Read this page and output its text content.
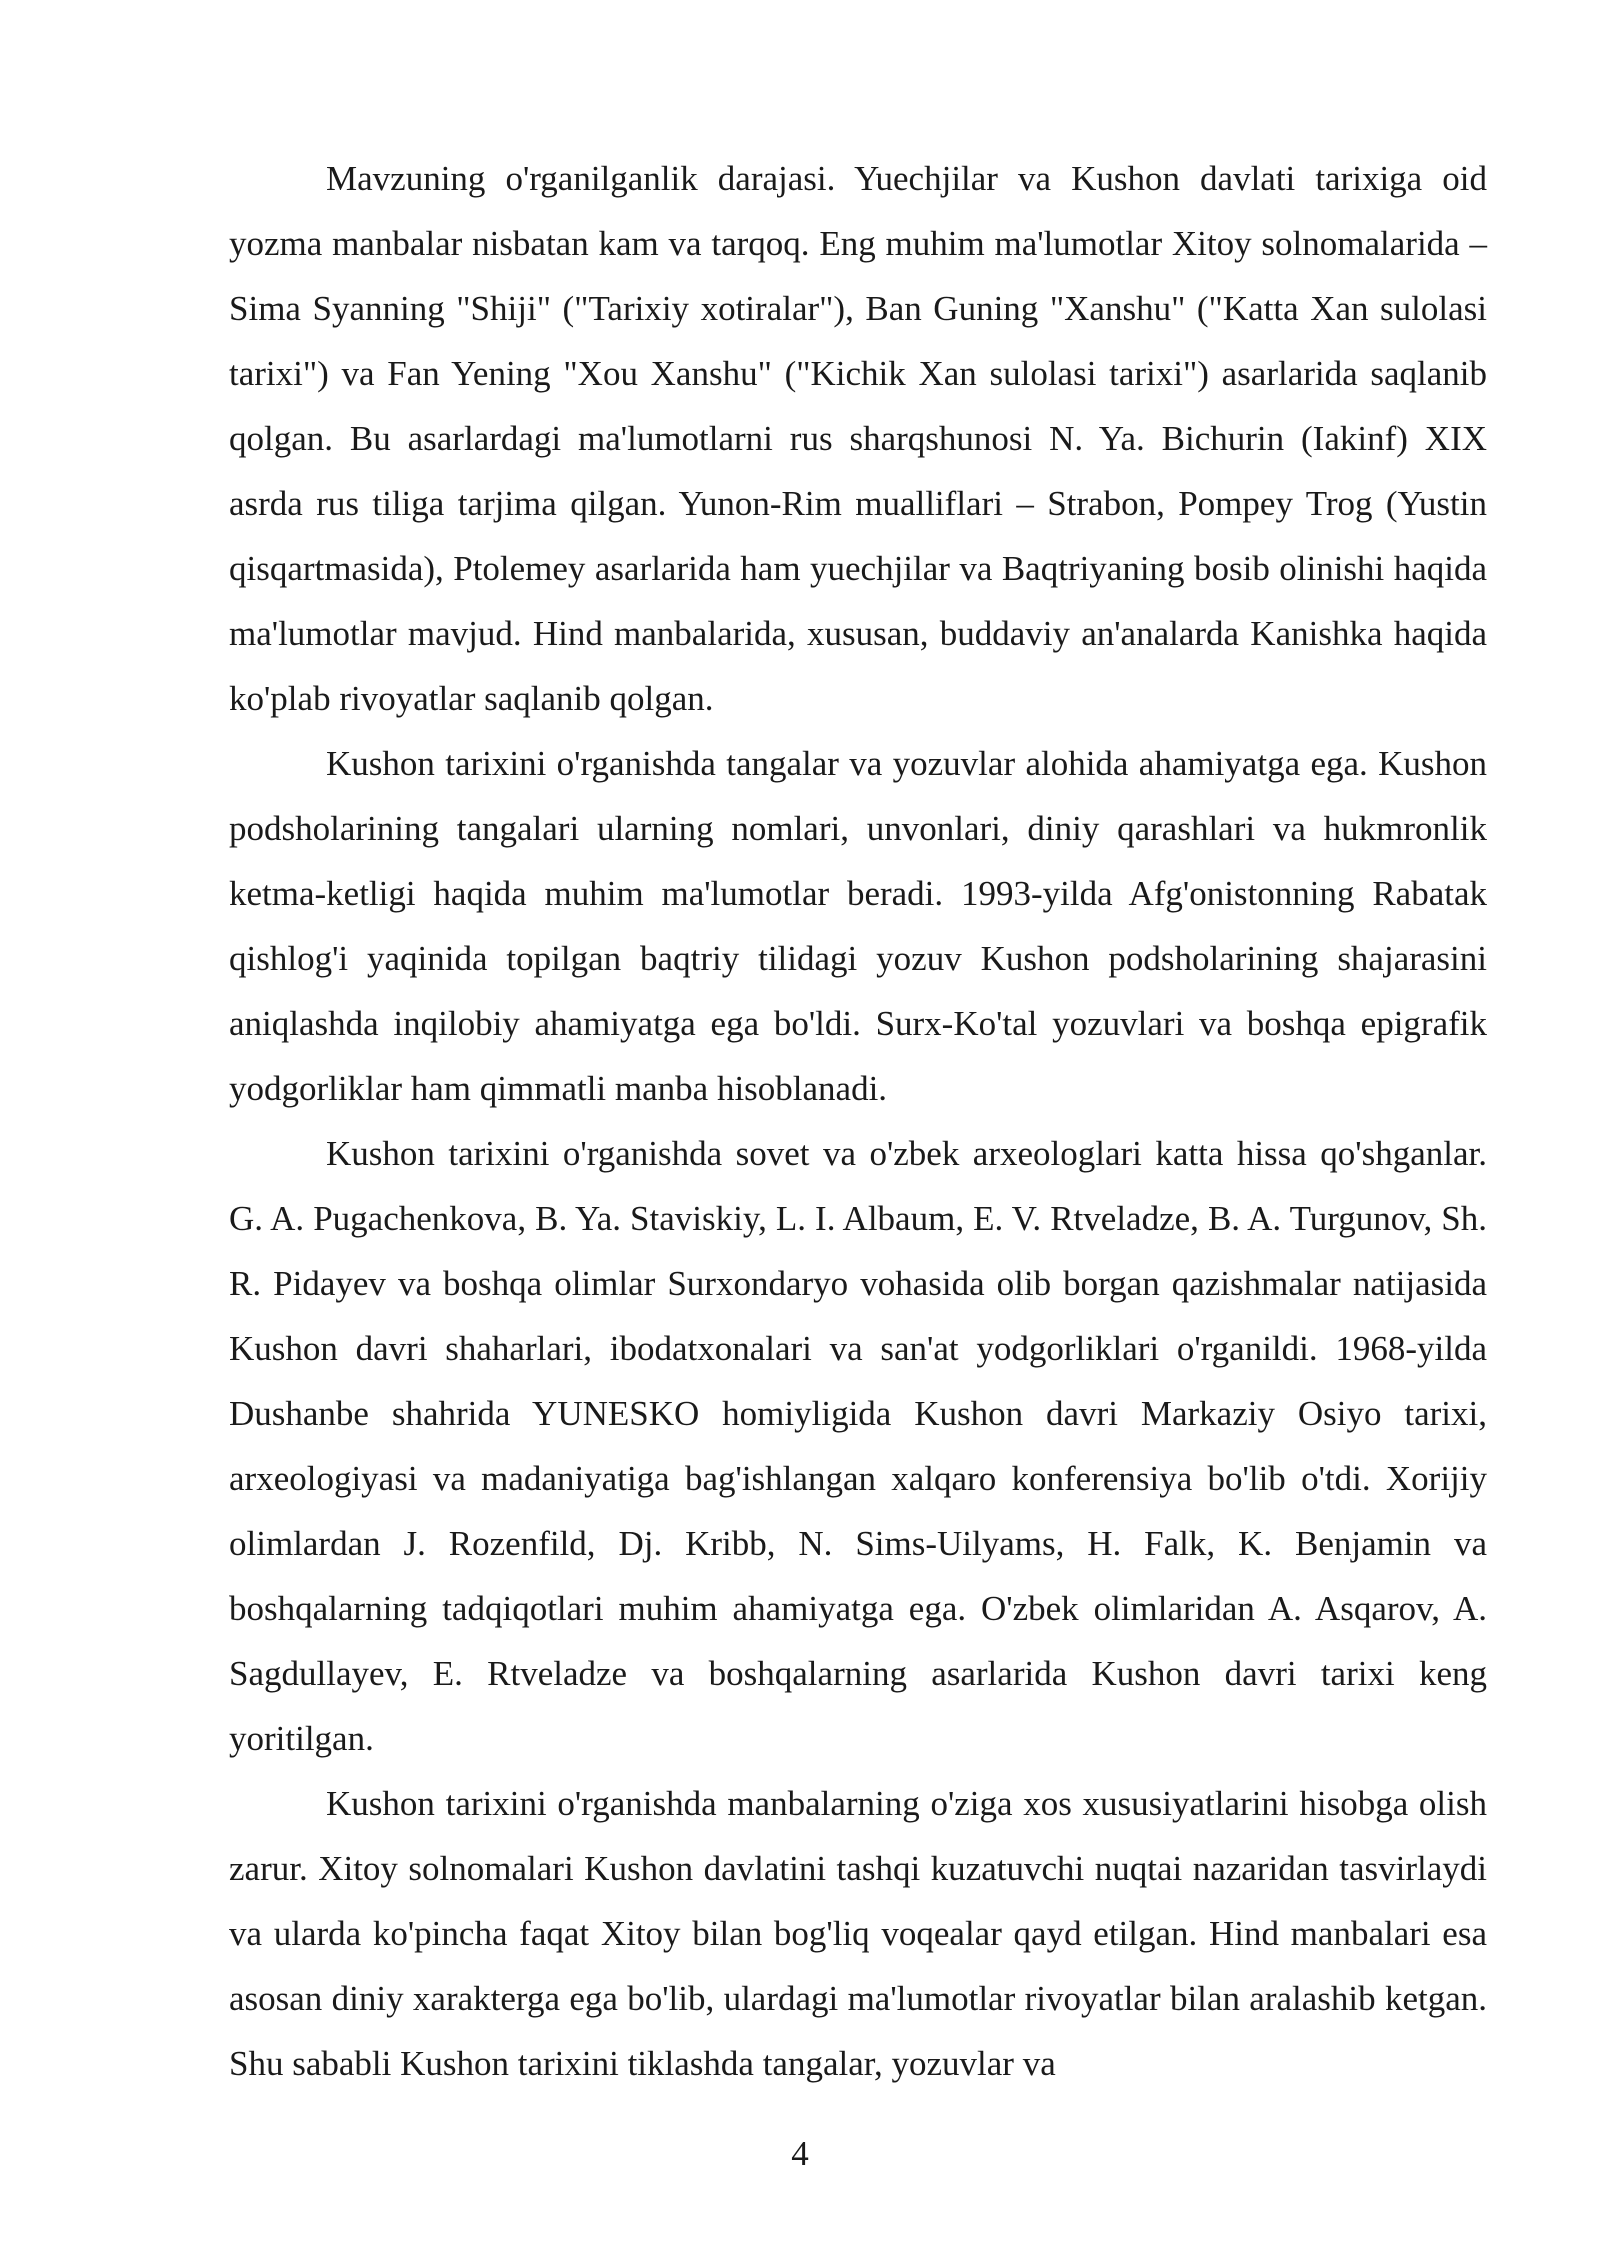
Mavzuning o'rganilganlik darajasi. Yuechjilar va Kushon davlati tarixiga oid yozma manbalar nisbatan kam va tarqoq. Eng muhim ma'lumotlar Xitoy solnomalarida – Sima Syanning "Shiji" ("Tarixiy xotiralar"), Ban Guning "Xanshu" ("Katta Xan sulolasi tarixi") va Fan Yening "Xou Xanshu" ("Kichik Xan sulolasi tarixi") asarlarida saqlanib qolgan. Bu asarlardagi ma'lumotlarni rus sharqshunosi N. Ya. Bichurin (Iakinf) XIX asrda rus tiliga tarjima qilgan. Yunon-Rim mualliflari – Strabon, Pompey Trog (Yustin qisqartmasida), Ptolemey asarlarida ham yuechjilar va Baqtriyaning bosib olinishi haqida ma'lumotlar mavjud. Hind manbalarida, xususan, buddaviy an'analarda Kanishka haqida ko'plab rivoyatlar saqlanib qolgan.

Kushon tarixini o'rganishda tangalar va yozuvlar alohida ahamiyatga ega. Kushon podsholarining tangalari ularning nomlari, unvonlari, diniy qarashlari va hukmronlik ketma-ketligi haqida muhim ma'lumotlar beradi. 1993-yilda Afg'onistonning Rabatak qishlog'i yaqinida topilgan baqtriy tilidagi yozuv Kushon podsholarining shajarasini aniqlashda inqilobiy ahamiyatga ega bo'ldi. Surx-Ko'tal yozuvlari va boshqa epigrafik yodgorliklar ham qimmatli manba hisoblanadi.

Kushon tarixini o'rganishda sovet va o'zbek arxeologlari katta hissa qo'shganlar. G. A. Pugachenkova, B. Ya. Staviskiy, L. I. Albaum, E. V. Rtveladze, B. A. Turgunov, Sh. R. Pidayev va boshqa olimlar Surxondaryo vohasida olib borgan qazishmalar natijasida Kushon davri shaharlari, ibodatxonalari va san'at yodgorliklari o'rganildi. 1968-yilda Dushanbe shahrida YUNESKO homiyligida Kushon davri Markaziy Osiyo tarixi, arxeologiyasi va madaniyatiga bag'ishlangan xalqaro konferensiya bo'lib o'tdi. Xorijiy olimlardan J. Rozenfild, Dj. Kribb, N. Sims-Uilyams, H. Falk, K. Benjamin va boshqalarning tadqiqotlari muhim ahamiyatga ega. O'zbek olimlaridan A. Asqarov, A. Sagdullayev, E. Rtveladze va boshqalarning asarlarida Kushon davri tarixi keng yoritilgan.

Kushon tarixini o'rganishda manbalarning o'ziga xos xususiyatlarini hisobga olish zarur. Xitoy solnomalari Kushon davlatini tashqi kuzatuvchi nuqtai nazaridan tasvirlaydi va ularda ko'pincha faqat Xitoy bilan bog'liq voqealar qayd etilgan. Hind manbalari esa asosan diniy xarakterga ega bo'lib, ulardagi ma'lumotlar rivoyatlar bilan aralashib ketgan. Shu sababli Kushon tarixini tiklashda tangalar, yozuvlar va

4
